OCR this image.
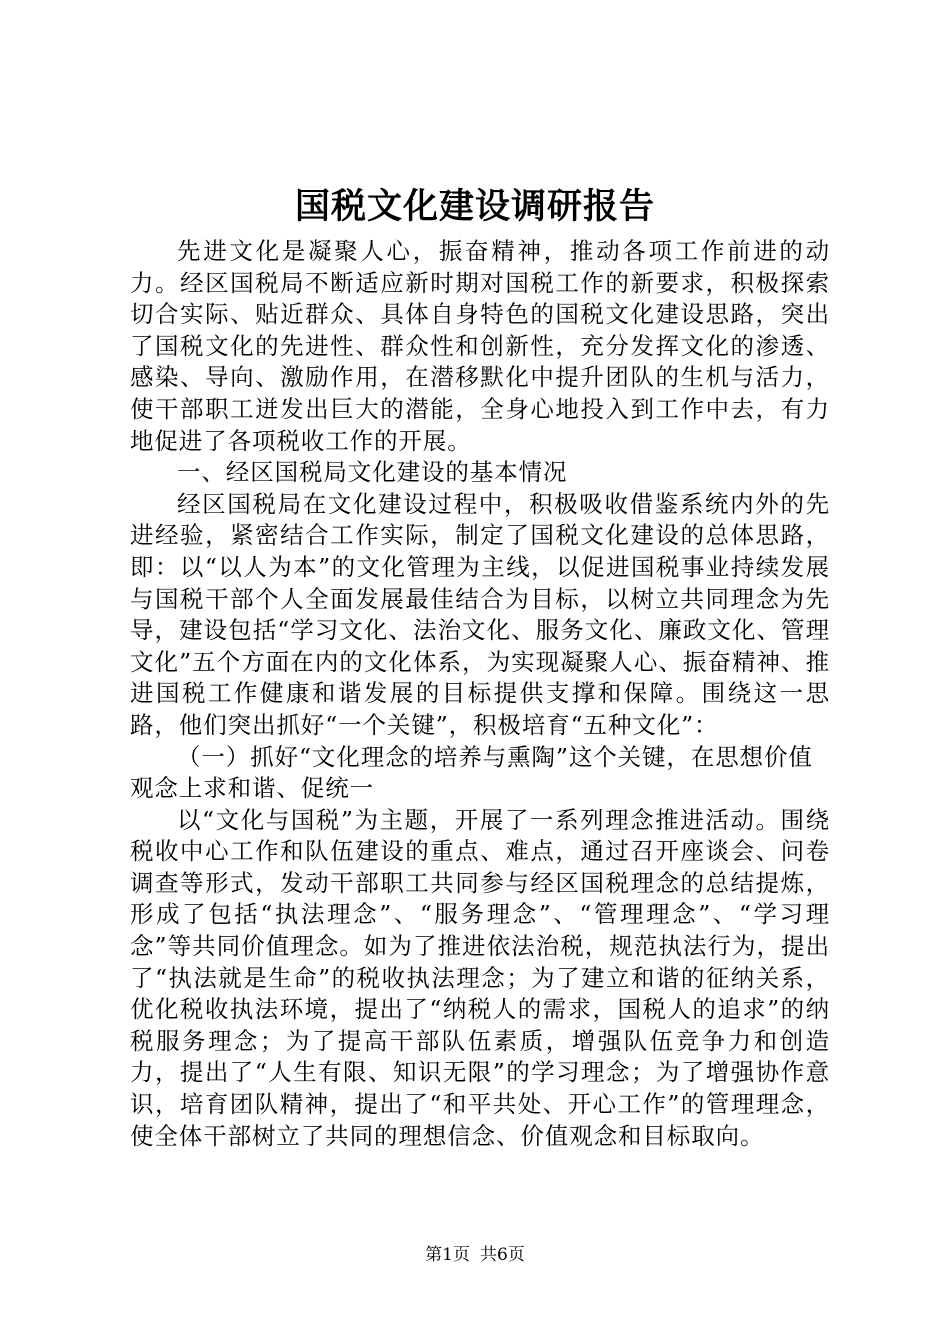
国税文化建设调研报告

先进文化是凝聚人心，振奋精神，推动各项工作前进的动力。经区国税局不断适应新时期对国税工作的新要求，积极探索切合实际、贴近群众、具体自身特色的国税文化建设思路，突出了国税文化的先进性、群众性和创新性，充分发挥文化的渗透、感染、导向、激励作用，在潜移默化中提升团队的生机与活力，使干部职工迸发出巨大的潜能，全身心地投入到工作中去，有力地促进了各项税收工作的开展。

一、经区国税局文化建设的基本情况

经区国税局在文化建设过程中，积极吸收借鉴系统内外的先进经验，紧密结合工作实际，制定了国税文化建设的总体思路，即：以“以人为本”的文化管理为主线，以促进国税事业持续发展与国税干部个人全面发展最佳结合为目标，以树立共同理念为先导，建设包括“学习文化、法治文化、服务文化、廉政文化、管理文化”五个方面在内的文化体系，为实现凝聚人心、振奋精神、推进国税工作健康和谐发展的目标提供支撑和保障。围绕这一思路，他们突出抓好“一个关键”，积极培育“五种文化”：

（一）抓好“文化理念的培养与熏陶”这个关键，在思想价值观念上求和谐、促统一

以“文化与国税”为主题，开展了一系列理念推进活动。围绕税收中心工作和队伍建设的重点、难点，通过召开座谈会、问卷调查等形式，发动干部职工共同参与经区国税理念的总结提炼，形成了包括“执法理念”、“服务理念”、“管理理念”、“学习理念”等共同价值理念。如为了推进依法治税，规范执法行为，提出了“执法就是生命”的税收执法理念；为了建立和谐的征纳关系，优化税收执法环境，提出了“纳税人的需求，国税人的追求”的纳税服务理念；为了提高干部队伍素质，增强队伍竞争力和创造力，提出了“人生有限、知识无限”的学习理念；为了增强协作意识，培育团队精神，提出了“和平共处、开心工作”的管理理念，使全体干部树立了共同的理想信念、价值观念和目标取向。

第1页 共6页
